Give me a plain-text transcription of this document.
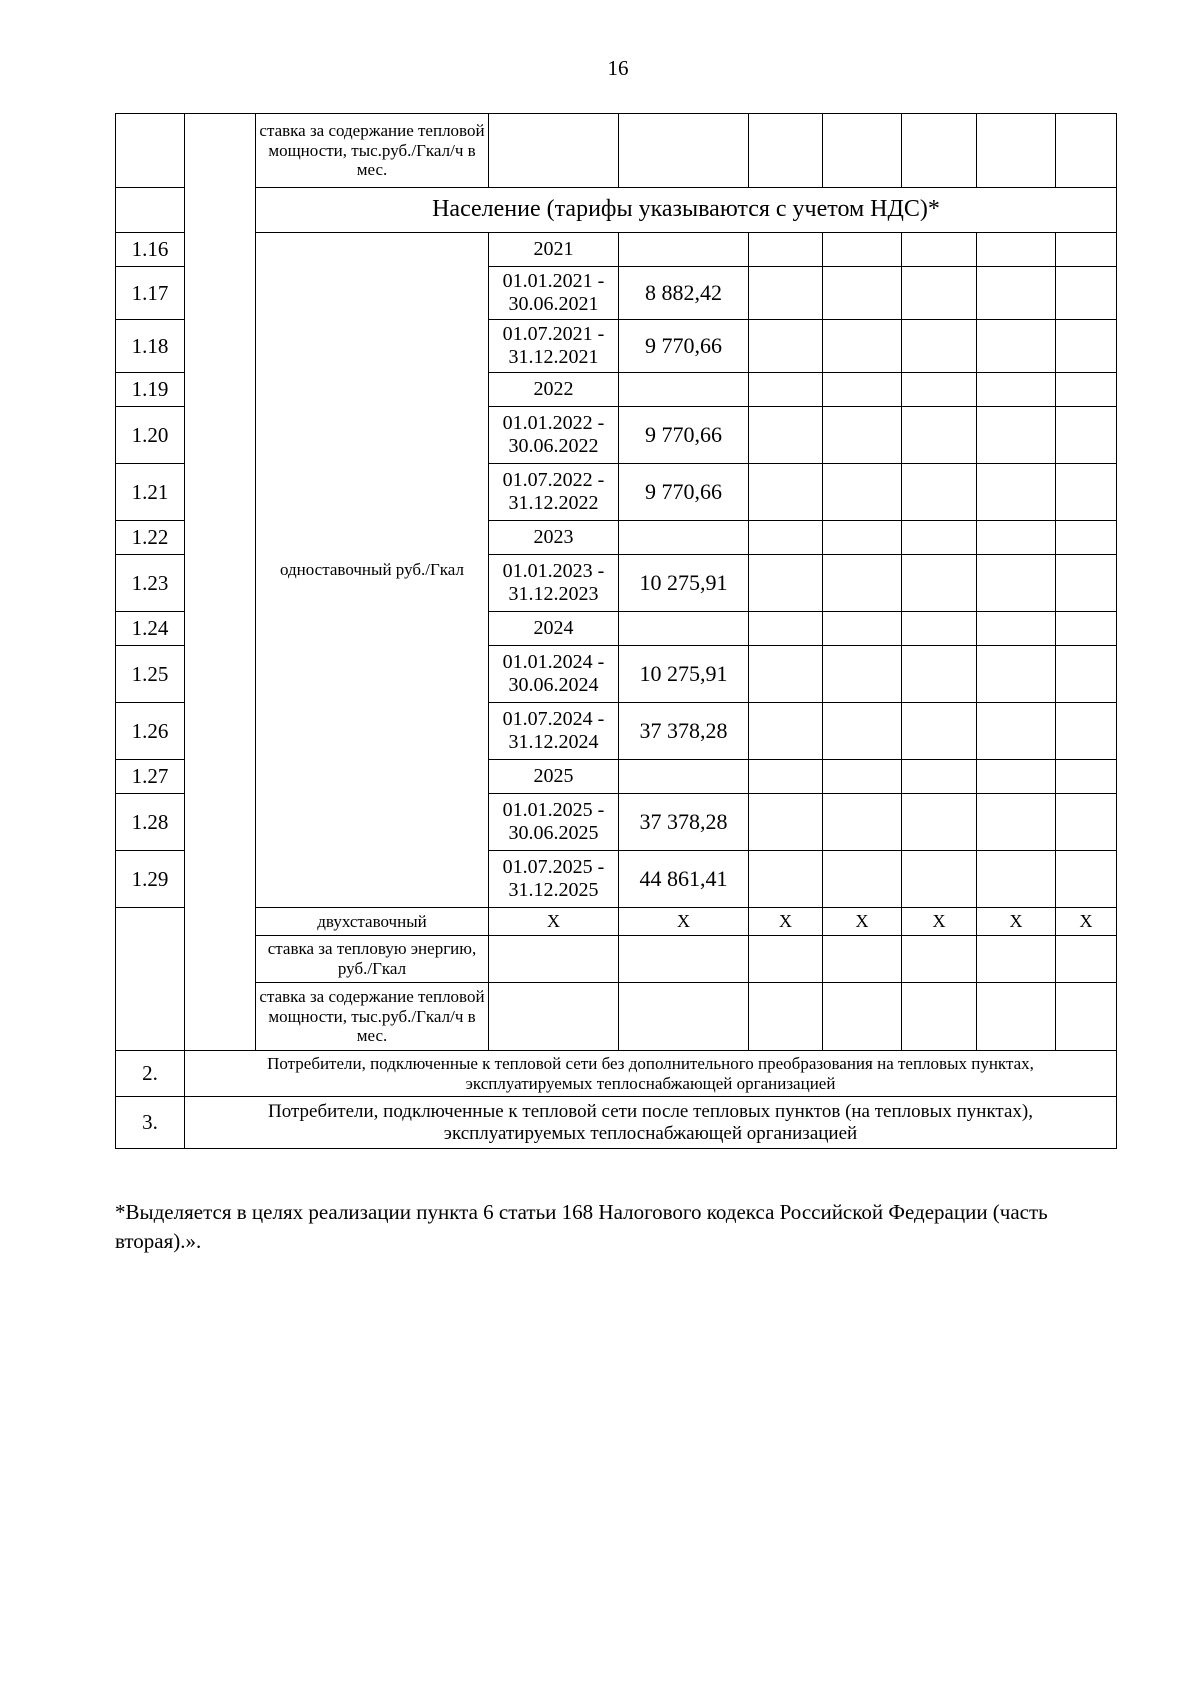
16
		ставка за содержание тепловой мощности, тыс.руб./Гкал/ч в мес.								
		Население (тарифы указываются с учетом НДС)*								
1.16		одноставочный руб./Гкал	2021							
1.17			01.01.2021 - 30.06.2021	8 882,42						
1.18			01.07.2021 - 31.12.2021	9 770,66						
1.19			2022							
1.20			01.01.2022 - 30.06.2022	9 770,66						
1.21			01.07.2022 - 31.12.2022	9 770,66						
1.22			2023							
1.23			01.01.2023 - 31.12.2023	10 275,91						
1.24			2024							
1.25			01.01.2024 - 30.06.2024	10 275,91						
1.26			01.07.2024 - 31.12.2024	37 378,28						
1.27			2025							
1.28			01.01.2025 - 30.06.2025	37 378,28						
1.29			01.07.2025 - 31.12.2025	44 861,41						
		двухставочный	Х	Х	Х	Х	Х	Х	Х	
		ставка за тепловую энергию, руб./Гкал								
		ставка за содержание тепловой мощности, тыс.руб./Гкал/ч в мес.								
2.	Потребители, подключенные к тепловой сети без дополнительного преобразования на тепловых пунктах, эксплуатируемых теплоснабжающей организацией									
3.	Потребители, подключенные к тепловой сети после тепловых пунктов (на тепловых пунктах), эксплуатируемых теплоснабжающей организацией									
*Выделяется в целях реализации пункта 6 статьи 168 Налогового кодекса Российской Федерации (часть вторая).».
